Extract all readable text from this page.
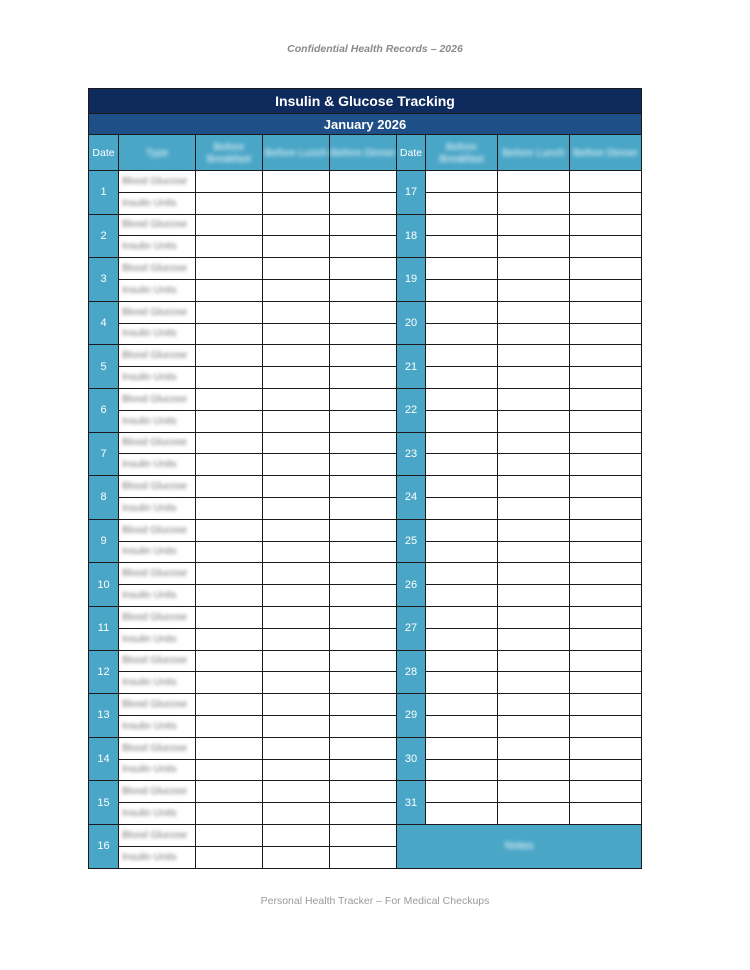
Confidential Health Records – 2026
Insulin & Glucose Tracking								
January 2026								
Date	Type	Before Breakfast	Before Lunch	Before Dinner	Date	Before Breakfast	Before Lunch	Before Dinner
1	Blood Glucose				17			
	Insulin Units							
2	Blood Glucose				18			
	Insulin Units							
3	Blood Glucose				19			
	Insulin Units							
4	Blood Glucose				20			
	Insulin Units							
5	Blood Glucose				21			
	Insulin Units							
6	Blood Glucose				22			
	Insulin Units							
7	Blood Glucose				23			
	Insulin Units							
8	Blood Glucose				24			
	Insulin Units							
9	Blood Glucose				25			
	Insulin Units							
10	Blood Glucose				26			
	Insulin Units							
11	Blood Glucose				27			
	Insulin Units							
12	Blood Glucose				28			
	Insulin Units							
13	Blood Glucose				29			
	Insulin Units							
14	Blood Glucose				30			
	Insulin Units							
15	Blood Glucose				31			
	Insulin Units							
16	Blood Glucose				Notes			
	Insulin Units							
Personal Health Tracker – For Medical Checkups
